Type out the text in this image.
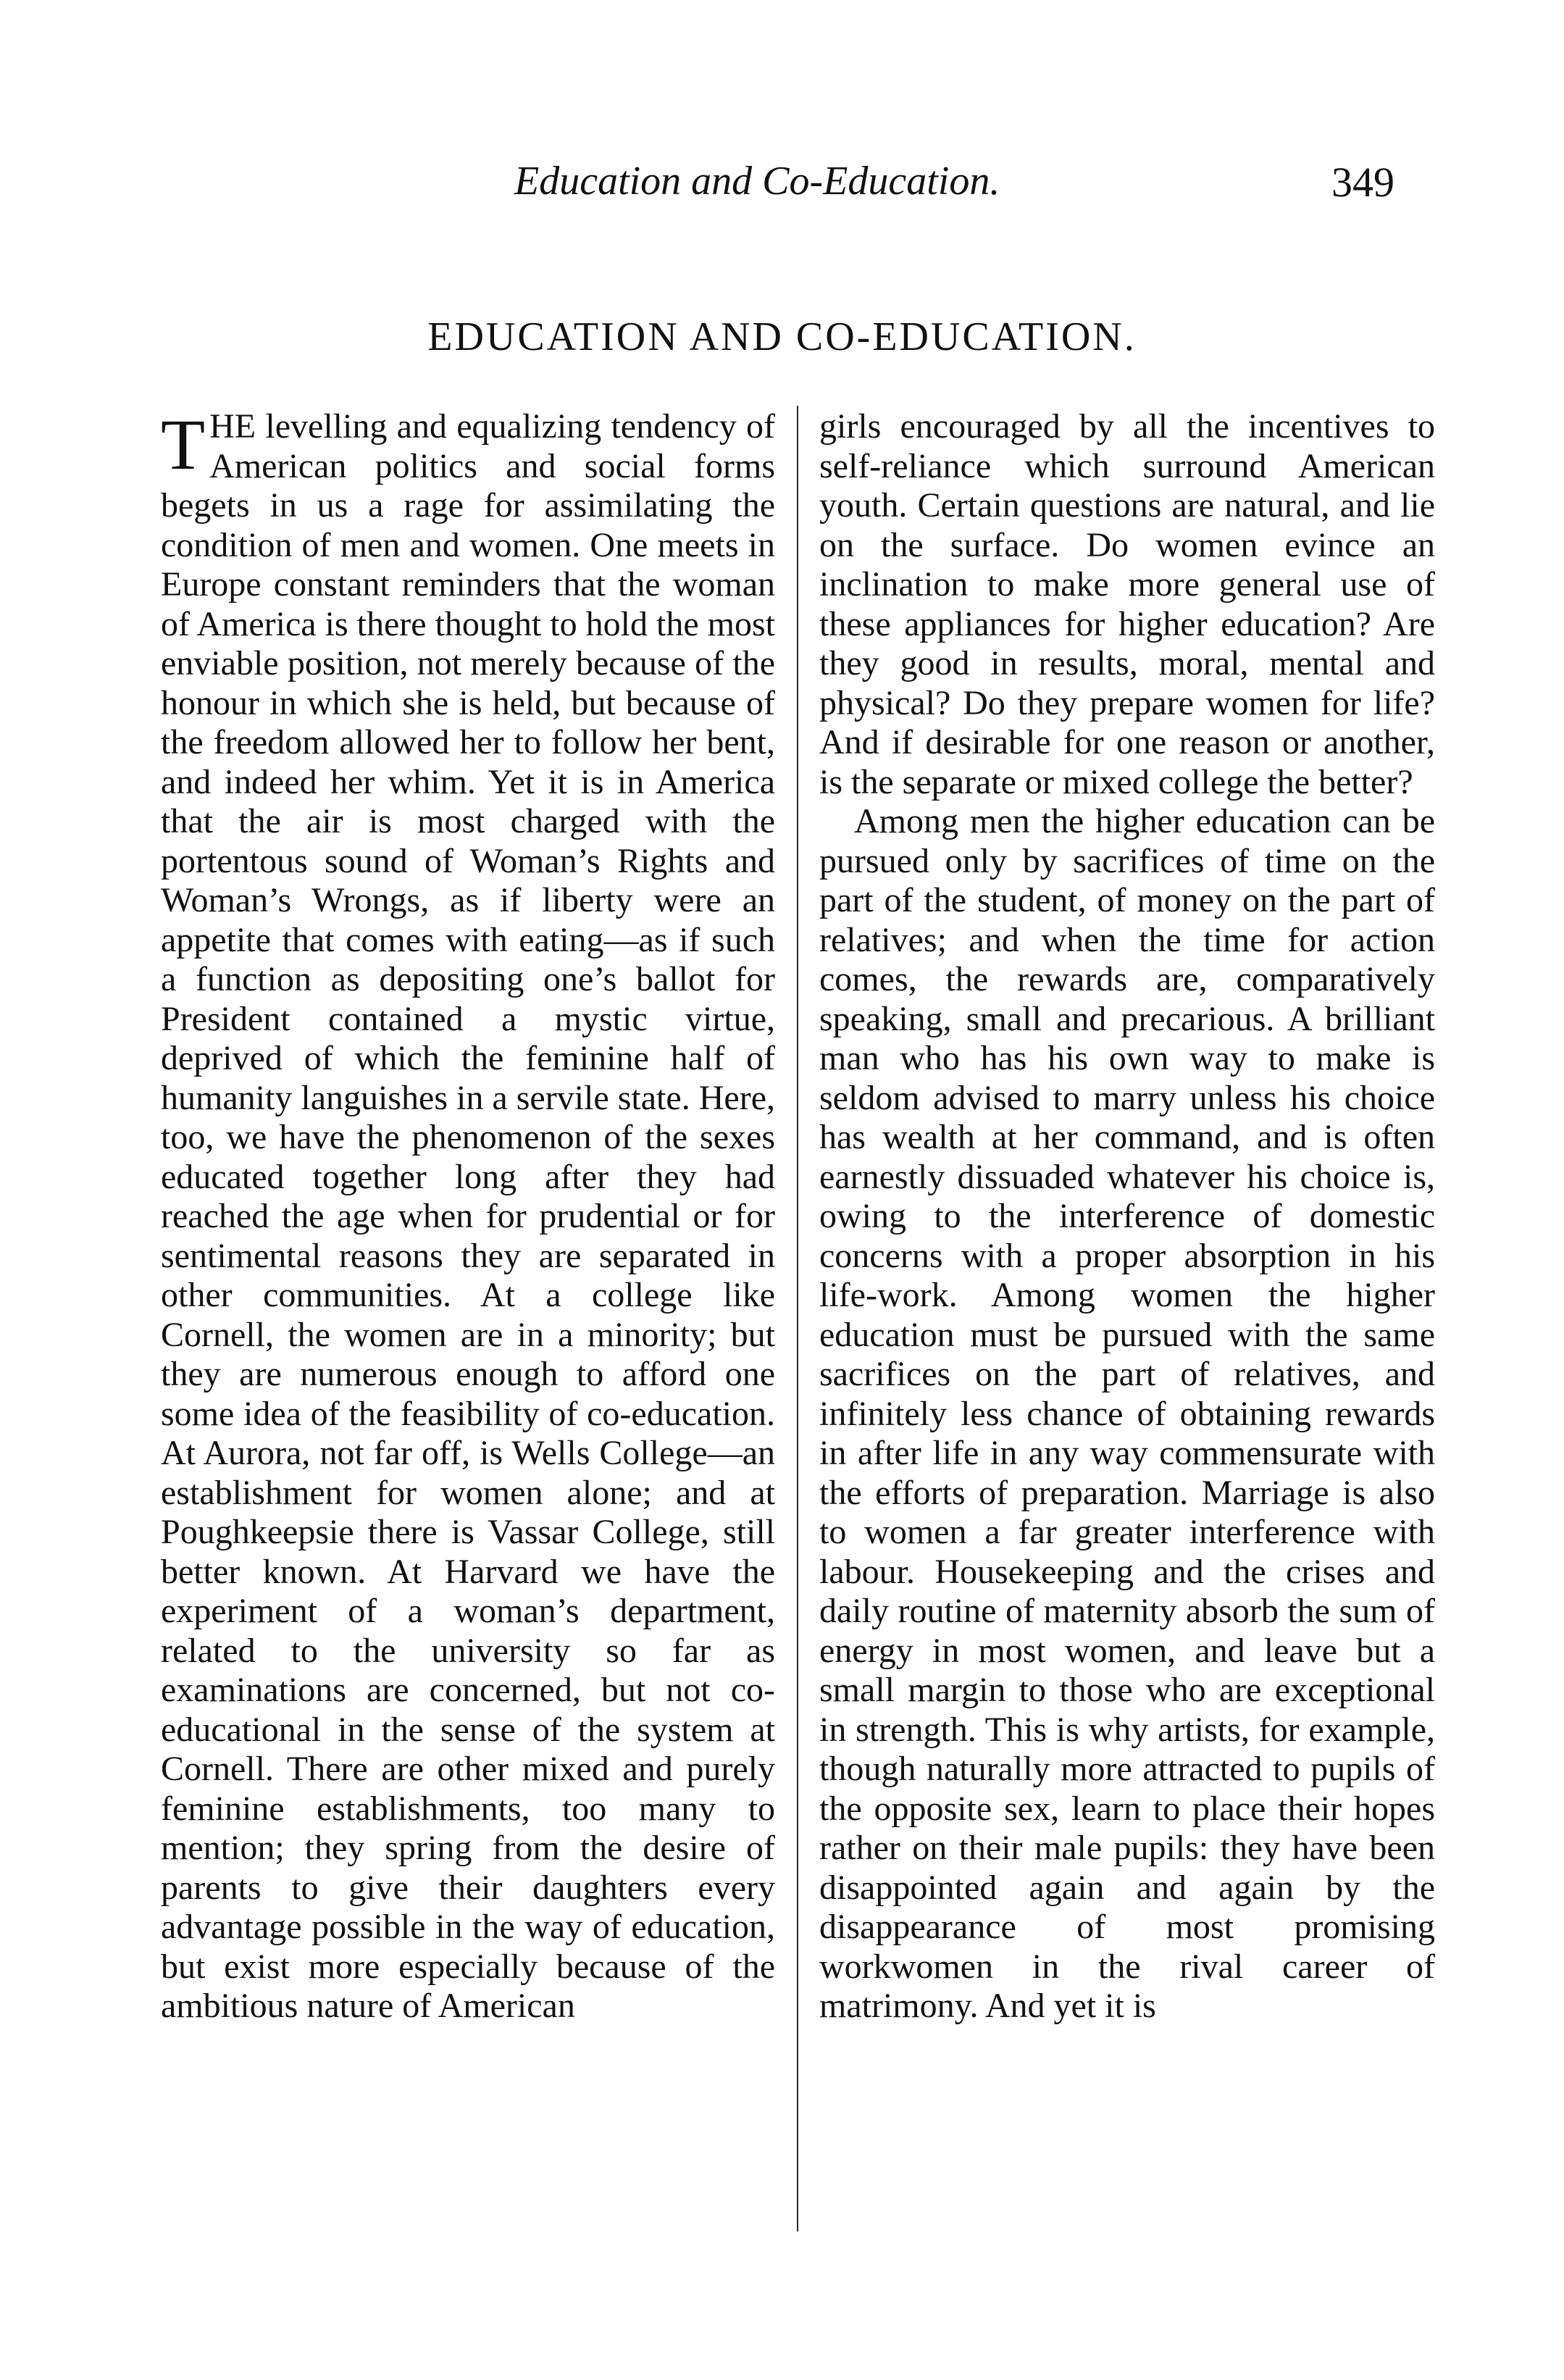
Education and Co-Education.	349
EDUCATION AND CO-EDUCATION.

THE levelling and equalizing tendency of American politics and social forms begets in us a rage for assimilating the condition of men and women. One meets in Europe constant reminders that the woman of America is there thought to hold the most enviable position, not merely because of the honour in which she is held, but because of the freedom allowed her to follow her bent, and indeed her whim. Yet it is in America that the air is most charged with the portentous sound of Woman’s Rights and Woman’s Wrongs, as if liberty were an appetite that comes with eating—as if such a function as depositing one’s ballot for President contained a mystic virtue, deprived of which the feminine half of humanity languishes in a servile state. Here, too, we have the phenomenon of the sexes educated together long after they had reached the age when for prudential or for sentimental reasons they are separated in other communities. At a college like Cornell, the women are in a minority; but they are numerous enough to afford one some idea of the feasibility of co-education. At Aurora, not far off, is Wells College—an establishment for women alone; and at Poughkeepsie there is Vassar College, still better known. At Harvard we have the experiment of a woman’s department, related to the university so far as examinations are concerned, but not co-educational in the sense of the system at Cornell. There are other mixed and purely feminine establishments, too many to mention; they spring from the desire of parents to give their daughters every advantage possible in the way of education, but exist more especially because of the ambitious nature of American

girls encouraged by all the incentives to self-reliance which surround American youth. Certain questions are natural, and lie on the surface. Do women evince an inclination to make more general use of these appliances for higher education? Are they good in results, moral, mental and physical? Do they prepare women for life? And if desirable for one reason or another, is the separate or mixed college the better?

Among men the higher education can be pursued only by sacrifices of time on the part of the student, of money on the part of relatives; and when the time for action comes, the rewards are, comparatively speaking, small and precarious. A brilliant man who has his own way to make is seldom advised to marry unless his choice has wealth at her command, and is often earnestly dissuaded whatever his choice is, owing to the interference of domestic concerns with a proper absorption in his life-work. Among women the higher education must be pursued with the same sacrifices on the part of relatives, and infinitely less chance of obtaining rewards in after life in any way commensurate with the efforts of preparation. Marriage is also to women a far greater interference with labour. Housekeeping and the crises and daily routine of maternity absorb the sum of energy in most women, and leave but a small margin to those who are exceptional in strength. This is why artists, for example, though naturally more attracted to pupils of the opposite sex, learn to place their hopes rather on their male pupils: they have been disappointed again and again by the disappearance of most promising workwomen in the rival career of matrimony. And yet it is
